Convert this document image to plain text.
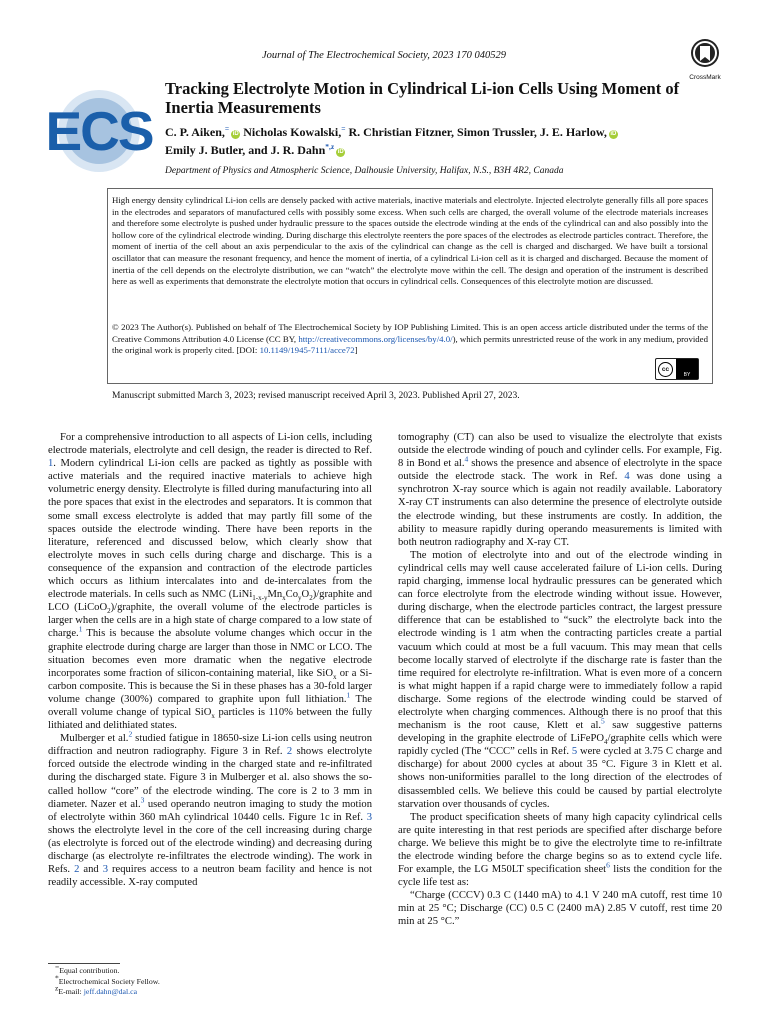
Journal of The Electrochemical Society, 2023 170 040529
CrossMark
ECS
Tracking Electrolyte Motion in Cylindrical Li-ion Cells Using Moment of Inertia Measurements
C. P. Aiken,=iD Nicholas Kowalski,= R. Christian Fitzner, Simon Trussler, J. E. Harlow, iD
Emily J. Butler, and J. R. Dahn$^{*,z}$iD
Department of Physics and Atmospheric Science, Dalhousie University, Halifax, N.S., B3H 4R2, Canada

High energy density cylindrical Li-ion cells are densely packed with active materials, inactive materials and electrolyte. Injected electrolyte generally fills all pore spaces in the electrodes and separators of manufactured cells with possibly some excess. When such cells are charged, the overall volume of the electrode materials increases and therefore some electrolyte is pushed under hydraulic pressure to the spaces outside the electrode winding at the ends of the cylindrical can and also possibly into the hollow core of the cylindrical electrode winding. During discharge this electrolyte reenters the pore spaces of the electrodes as electrode particles contract. Therefore, the moment of inertia of the cell about an axis perpendicular to the axis of the cylindrical can change as the cell is charged and discharged. We have built a torsional oscillator that can measure the resonant frequency, and hence the moment of inertia, of a cylindrical Li-ion cell as it is charged and discharged. Because the moment of inertia of the cell depends on the electrolyte distribution, we can “watch” the electrolyte move within the cell. The design and operation of the instrument is described here as well as experiments that demonstrate the electrolyte motion that occurs in cylindrical cells. Consequences of this electrolyte motion are discussed.

© 2023 The Author(s). Published on behalf of The Electrochemical Society by IOP Publishing Limited. This is an open access article distributed under the terms of the Creative Commons Attribution 4.0 License (CC BY, http://creativecommons.org/licenses/by/4.0/), which permits unrestricted reuse of the work in any medium, provided the original work is properly cited. [DOI: 10.1149/1945-7111/acce72]

cc
BY
Manuscript submitted March 3, 2023; revised manuscript received April 3, 2023. Published April 27, 2023.

For a comprehensive introduction to all aspects of Li-ion cells, including electrode materials, electrolyte and cell design, the reader is directed to Ref. 1. Modern cylindrical Li-ion cells are packed as tightly as possible with active materials and the required inactive materials to achieve high volumetric energy density. Electrolyte is filled during manufacturing into all the pore spaces that exist in the electrodes and separators. It is common that some small excess electrolyte is added that may partly fill some of the spaces outside the electrode winding. There have been reports in the literature, referenced and discussed below, which clearly show that electrolyte moves in such cells during charge and discharge. This is a consequence of the expansion and contraction of the electrode particles which occurs as lithium intercalates into and de-intercalates from the electrode materials. In cells such as NMC $(LiNi_{1-x-y}Mn_xCo_yO_2)$/graphite and LCO (LiCoO$_2$)/graphite, the overall volume of the electrode particles is larger when the cells are in a high state of charge compared to a low state of charge.$^1$ This is because the absolute volume changes which occur in the graphite electrode during charge are larger than those in NMC or LCO. The situation becomes even more dramatic when the negative electrode incorporates some fraction of silicon-containing material, like SiO$_x$ or a Si-carbon composite. This is because the Si in these phases has a 30-fold larger volume change (300%) compared to graphite upon full lithiation.$^1$ The overall volume change of typical SiO$_x$ particles is 110% between the fully lithiated and delithiated states.

Mulberger et al.$^2$ studied fatigue in 18650-size Li-ion cells using neutron diffraction and neutron radiography. Figure 3 in Ref. 2 shows electrolyte forced outside the electrode winding in the charged state and re-infiltrated during the discharged state. Figure 3 in Mulberger et al. also shows the so-called hollow “core” of the electrode winding. The core is 2 to 3 mm in diameter. Nazer et al.$^3$ used operando neutron imaging to study the motion of electrolyte within 360 mAh cylindrical 10440 cells. Figure 1c in Ref. 3 shows the electrolyte level in the core of the cell increasing during charge (as electrolyte is forced out of the electrode winding) and decreasing during discharge (as electrolyte re-infiltrates the electrode winding). The work in Refs. 2 and 3 requires access to a neutron beam facility and hence is not readily accessible. X-ray computed

tomography (CT) can also be used to visualize the electrolyte that exists outside the electrode winding of pouch and cylinder cells. For example, Fig. 8 in Bond et al.$^4$ shows the presence and absence of electrolyte in the space outside the electrode stack. The work in Ref. 4 was done using a synchrotron X-ray source which is again not readily available. Laboratory X-ray CT instruments can also determine the presence of electrolyte outside the electrode winding, but these instruments are costly. In addition, the ability to measure rapidly during operando measurements is limited with both neutron radiography and X-ray CT.

The motion of electrolyte into and out of the electrode winding in cylindrical cells may well cause accelerated failure of Li-ion cells. During rapid charging, immense local hydraulic pressures can be generated which can force electrolyte from the electrode winding without issue. However, during discharge, when the electrode particles contract, the largest pressure difference that can be established to “suck” the electrolyte back into the electrode winding is 1 atm when the contracting particles create a partial vacuum which could at most be a full vacuum. This may mean that cells become locally starved of electrolyte if the discharge rate is faster than the time required for electrolyte re-infiltration. What is even more of a concern is what might happen if a rapid charge were to immediately follow a rapid discharge. Some regions of the electrode winding could be starved of electrolyte when charging commences. Although there is no proof that this mechanism is the root cause, Klett et al.$^5$ saw suggestive patterns developing in the graphite electrode of LiFePO$_4$/graphite cells which were rapidly cycled (The “CCC” cells in Ref. 5 were cycled at 3.75 C charge and discharge) for about 2000 cycles at about 35 °C. Figure 3 in Klett et al. shows non-uniformities parallel to the long direction of the electrodes of disassembled cells. We believe this could be caused by partial electrolyte starvation over thousands of cycles.

The product specification sheets of many high capacity cylindrical cells are quite interesting in that rest periods are specified after discharge before charge. We believe this might be to give the electrolyte time to re-infiltrate the electrode winding before the charge begins so as to extend cycle life. For example, the LG M50LT specification sheet$^6$ lists the condition for the cycle life test as:

“Charge (CCCV) 0.3 C (1440 mA) to 4.1 V 240 mA cutoff, rest time 10 min at 25 °C; Discharge (CC) 0.5 C (2400 mA) 2.85 V cutoff, rest time 20 min at 25 °C.”

=Equal contribution.
*Electrochemical Society Fellow.
zE-mail: jeff.dahn@dal.ca
